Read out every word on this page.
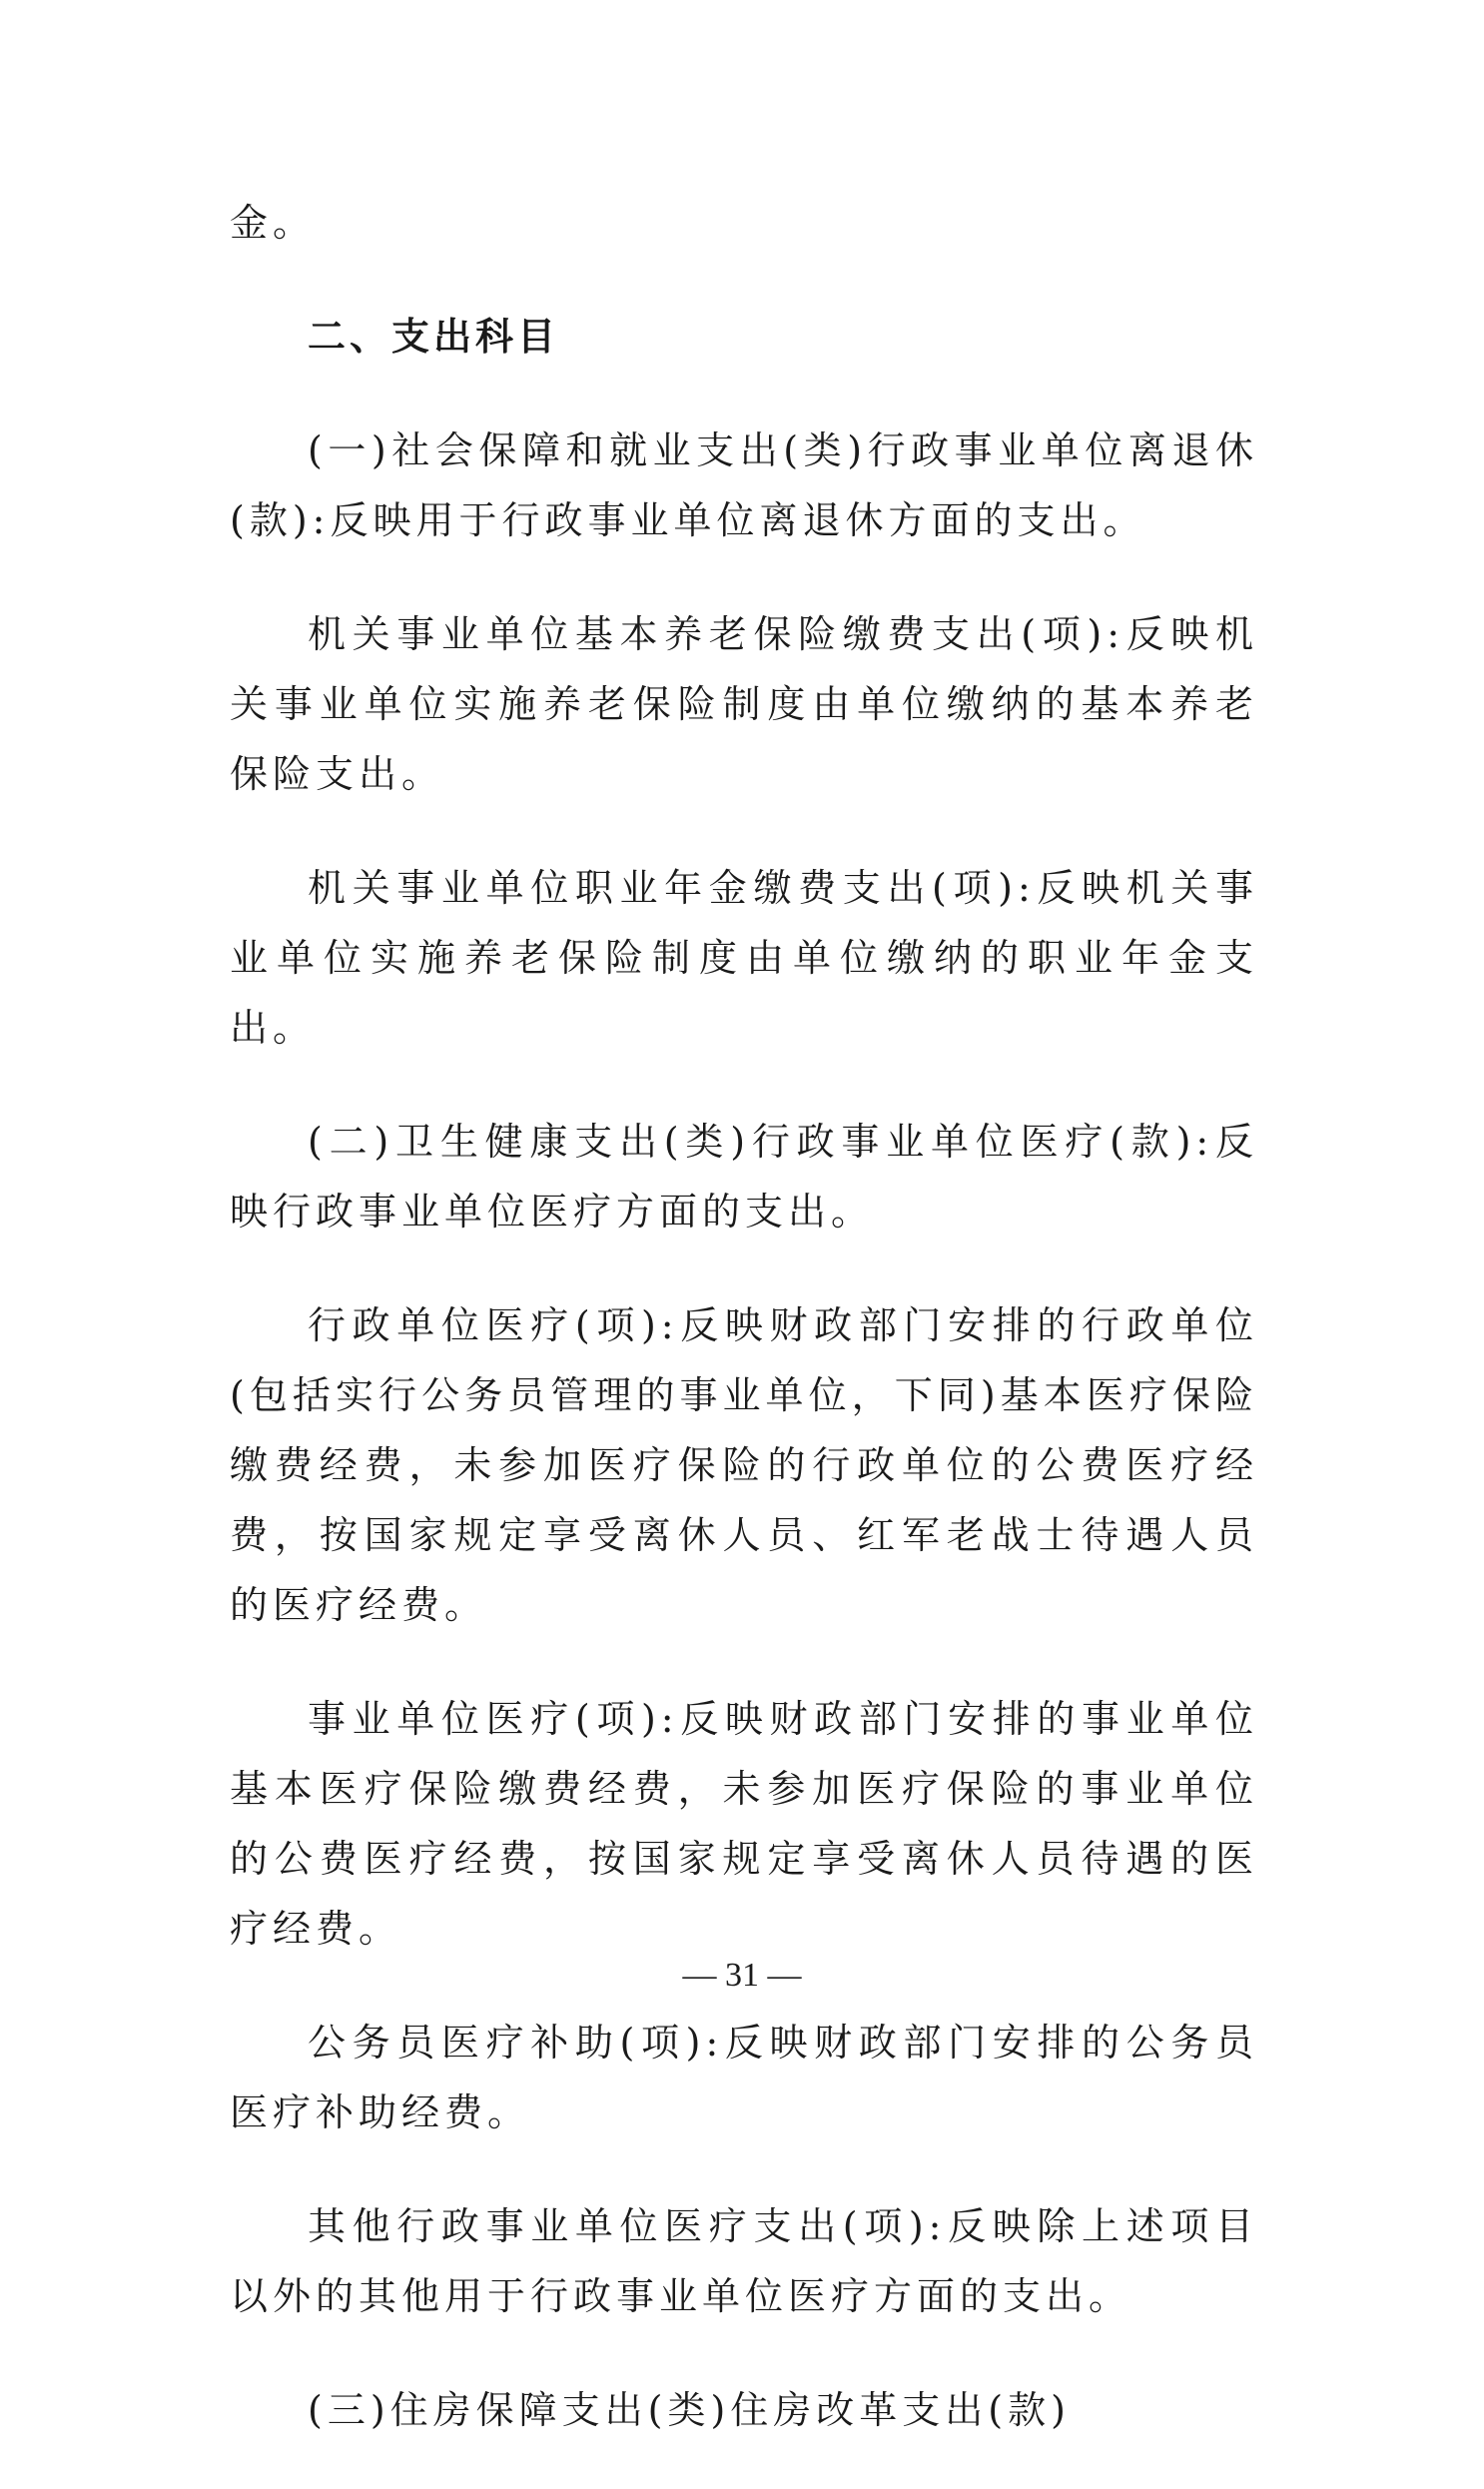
金。

二、支出科目

(一)社会保障和就业支出(类)行政事业单位离退休(款):反映用于行政事业单位离退休方面的支出。

机关事业单位基本养老保险缴费支出(项):反映机关事业单位实施养老保险制度由单位缴纳的基本养老保险支出。

机关事业单位职业年金缴费支出(项):反映机关事业单位实施养老保险制度由单位缴纳的职业年金支出。

(二)卫生健康支出(类)行政事业单位医疗(款):反映行政事业单位医疗方面的支出。

行政单位医疗(项):反映财政部门安排的行政单位(包括实行公务员管理的事业单位，下同)基本医疗保险缴费经费，未参加医疗保险的行政单位的公费医疗经费，按国家规定享受离休人员、红军老战士待遇人员的医疗经费。

事业单位医疗(项):反映财政部门安排的事业单位基本医疗保险缴费经费，未参加医疗保险的事业单位的公费医疗经费，按国家规定享受离休人员待遇的医疗经费。

公务员医疗补助(项):反映财政部门安排的公务员医疗补助经费。

其他行政事业单位医疗支出(项):反映除上述项目以外的其他用于行政事业单位医疗方面的支出。

(三)住房保障支出(类)住房改革支出(款)

— 31 —
